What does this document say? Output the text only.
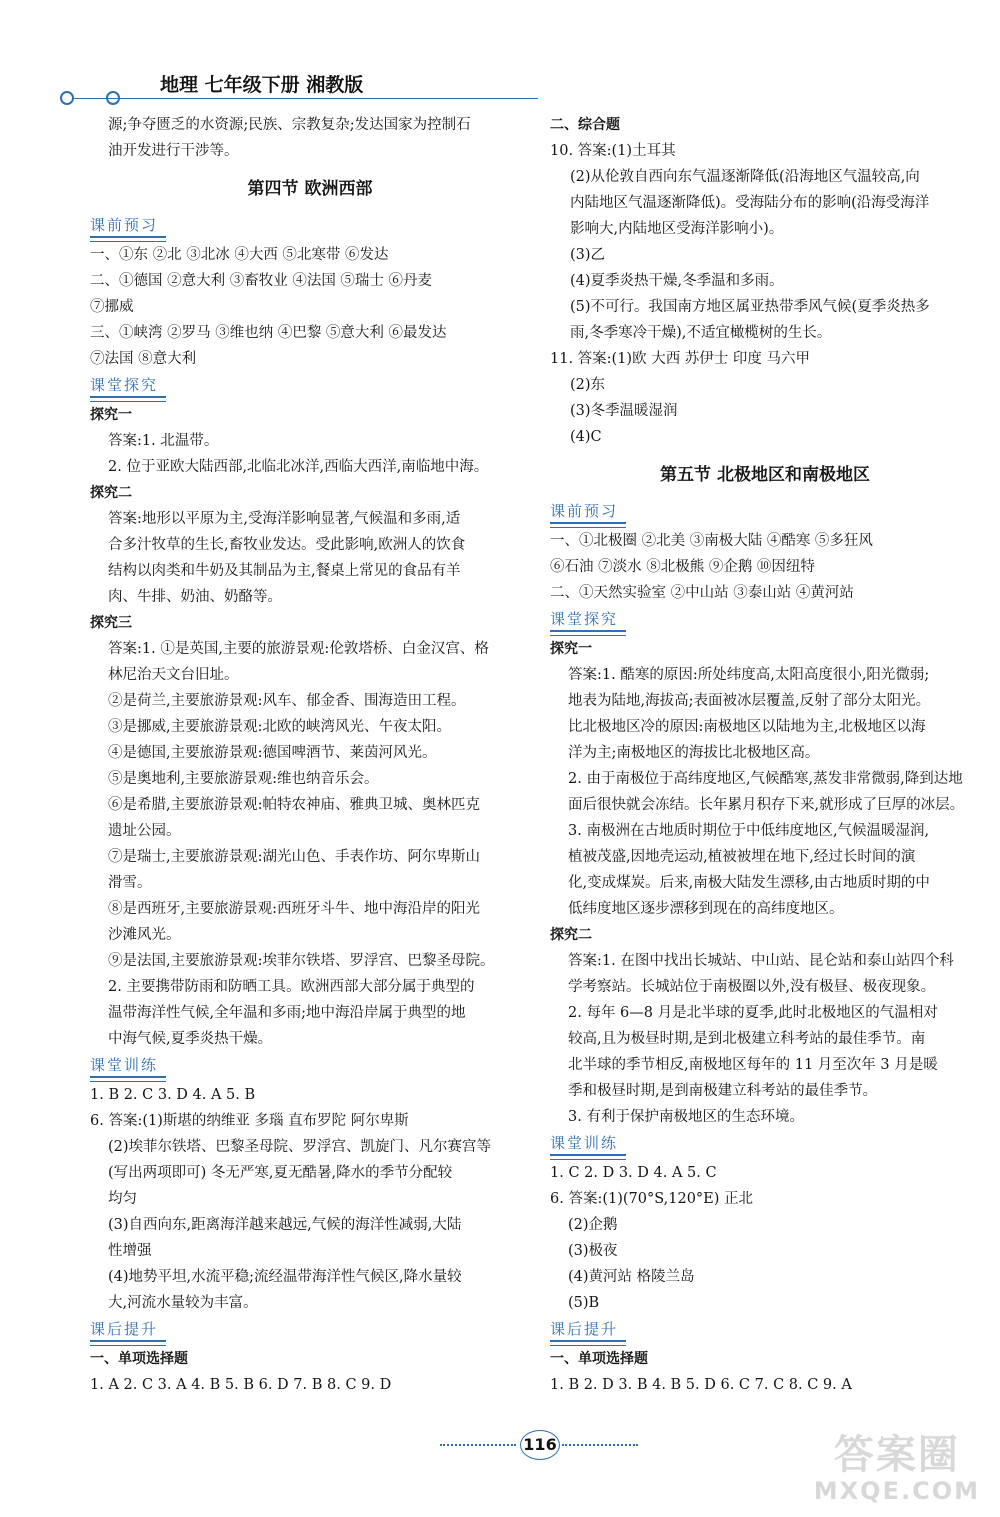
地理 七年级下册 湘教版

源;争夺匮乏的水资源;民族、宗教复杂;发达国家为控制石

油开发进行干涉等。

第四节 欧洲西部
课前预习

一、①东 ②北 ③北冰 ④大西 ⑤北寒带 ⑥发达

二、①德国 ②意大利 ③畜牧业 ④法国 ⑤瑞士 ⑥丹麦

⑦挪威

三、①峡湾 ②罗马 ③维也纳 ④巴黎 ⑤意大利 ⑥最发达

⑦法国 ⑧意大利

课堂探究

探究一

答案:1. 北温带。

2. 位于亚欧大陆西部,北临北冰洋,西临大西洋,南临地中海。

探究二

答案:地形以平原为主,受海洋影响显著,气候温和多雨,适

合多汁牧草的生长,畜牧业发达。受此影响,欧洲人的饮食

结构以肉类和牛奶及其制品为主,餐桌上常见的食品有羊

肉、牛排、奶油、奶酪等。

探究三

答案:1. ①是英国,主要的旅游景观:伦敦塔桥、白金汉宫、格

林尼治天文台旧址。

②是荷兰,主要旅游景观:风车、郁金香、围海造田工程。

③是挪威,主要旅游景观:北欧的峡湾风光、午夜太阳。

④是德国,主要旅游景观:德国啤酒节、莱茵河风光。

⑤是奥地利,主要旅游景观:维也纳音乐会。

⑥是希腊,主要旅游景观:帕特农神庙、雅典卫城、奥林匹克

遗址公园。

⑦是瑞士,主要旅游景观:湖光山色、手表作坊、阿尔卑斯山

滑雪。

⑧是西班牙,主要旅游景观:西班牙斗牛、地中海沿岸的阳光

沙滩风光。

⑨是法国,主要旅游景观:埃菲尔铁塔、罗浮宫、巴黎圣母院。

2. 主要携带防雨和防晒工具。欧洲西部大部分属于典型的

温带海洋性气候,全年温和多雨;地中海沿岸属于典型的地

中海气候,夏季炎热干燥。

课堂训练

1. B 2. C 3. D 4. A 5. B

6. 答案:(1)斯堪的纳维亚 多瑙 直布罗陀 阿尔卑斯

(2)埃菲尔铁塔、巴黎圣母院、罗浮宫、凯旋门、凡尔赛宫等

(写出两项即可) 冬无严寒,夏无酷暑,降水的季节分配较

均匀

(3)自西向东,距离海洋越来越远,气候的海洋性减弱,大陆

性增强

(4)地势平坦,水流平稳;流经温带海洋性气候区,降水量较

大,河流水量较为丰富。

课后提升

一、单项选择题

1. A 2. C 3. A 4. B 5. B 6. D 7. B 8. C 9. D

二、综合题

10. 答案:(1)土耳其

(2)从伦敦自西向东气温逐渐降低(沿海地区气温较高,向

内陆地区气温逐渐降低)。受海陆分布的影响(沿海受海洋

影响大,内陆地区受海洋影响小)。

(3)乙

(4)夏季炎热干燥,冬季温和多雨。

(5)不可行。我国南方地区属亚热带季风气候(夏季炎热多

雨,冬季寒冷干燥),不适宜橄榄树的生长。

11. 答案:(1)欧 大西 苏伊士 印度 马六甲

(2)东

(3)冬季温暖湿润

(4)C

第五节 北极地区和南极地区
课前预习

一、①北极圈 ②北美 ③南极大陆 ④酷寒 ⑤多狂风

⑥石油 ⑦淡水 ⑧北极熊 ⑨企鹅 ⑩因纽特

二、①天然实验室 ②中山站 ③泰山站 ④黄河站

课堂探究

探究一

答案:1. 酷寒的原因:所处纬度高,太阳高度很小,阳光微弱;

地表为陆地,海拔高;表面被冰层覆盖,反射了部分太阳光。

比北极地区冷的原因:南极地区以陆地为主,北极地区以海

洋为主;南极地区的海拔比北极地区高。

2. 由于南极位于高纬度地区,气候酷寒,蒸发非常微弱,降到达地

面后很快就会冻结。长年累月积存下来,就形成了巨厚的冰层。

3. 南极洲在古地质时期位于中低纬度地区,气候温暖湿润,

植被茂盛,因地壳运动,植被被埋在地下,经过长时间的演

化,变成煤炭。后来,南极大陆发生漂移,由古地质时期的中

低纬度地区逐步漂移到现在的高纬度地区。

探究二

答案:1. 在图中找出长城站、中山站、昆仑站和泰山站四个科

学考察站。长城站位于南极圈以外,没有极昼、极夜现象。

2. 每年 6—8 月是北半球的夏季,此时北极地区的气温相对

较高,且为极昼时期,是到北极建立科考站的最佳季节。南

北半球的季节相反,南极地区每年的 11 月至次年 3 月是暖

季和极昼时期,是到南极建立科考站的最佳季节。

3. 有利于保护南极地区的生态环境。

课堂训练

1. C 2. D 3. D 4. A 5. C

6. 答案:(1)(70°S,120°E) 正北

(2)企鹅

(3)极夜

(4)黄河站 格陵兰岛

(5)B

课后提升

一、单项选择题

1. B 2. D 3. B 4. B 5. D 6. C 7. C 8. C 9. A

116	答案圈
MXQE.COM
